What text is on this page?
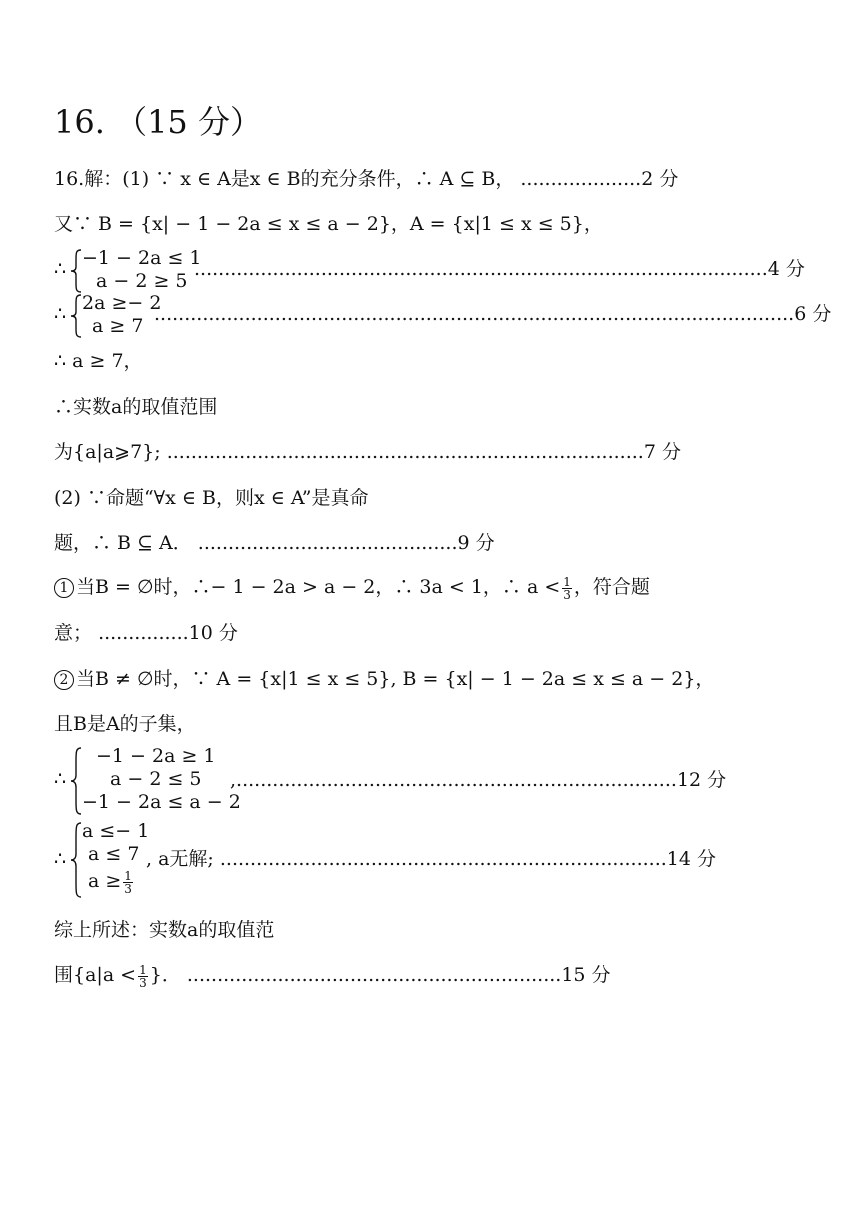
16. （15 分）
16.解：(1) ∵ x ∈ A是x ∈ B的充分条件，∴ A ⊆ B， ....................2 分
又∵ B = {x| − 1 − 2a ≤ x ≤ a − 2}，A = {x|1 ≤ x ≤ 5}，
∴ −1 − 2a ≤ 1
a − 2 ≥ 5
...............................................................................................4 分
∴ 2a ≥− 2
a ≥ 7
..........................................................................................................6 分
∴ a ≥ 7，
∴实数a的取值范围
为{a|a⩾7}; ...............................................................................7 分
(2) ∵命题“∀x ∈ B，则x ∈ A”是真命
题，∴ B ⊆ A． ...........................................9 分
1 当B = ∅时，∴− 1 − 2a > a − 2，∴ 3a < 1，∴ $a < \frac{1}{3}$ ，符合题
意； ...............10 分
2 当B ≠ ∅时，∵ A = {x|1 ≤ x ≤ 5}, B = {x| − 1 − 2a ≤ x ≤ a − 2}，
且B是A的子集，
∴
−1 − 2a ≥ 1
a − 2 ≤ 5
−1 − 2a ≤ a − 2
,.........................................................................12 分
∴
a ≤− 1
a ≤ 7
$a \ge \frac{1}{3}$
, a无解; ..........................................................................14 分
综上所述：实数a的取值范
围{$a|a < \frac{1}{3}$ }． ..............................................................15 分
